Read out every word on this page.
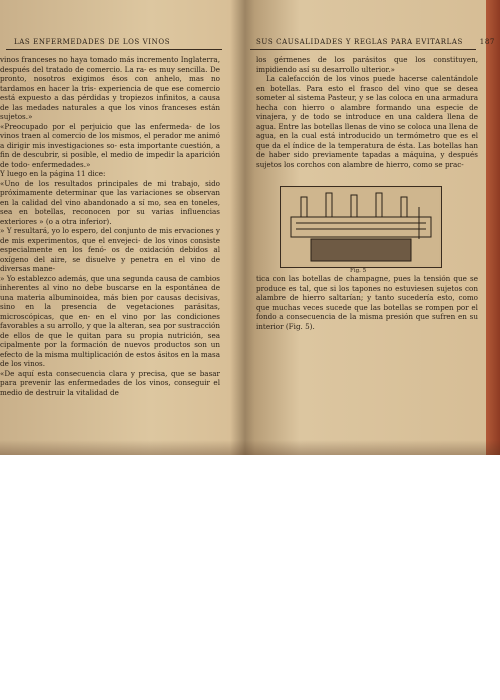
LAS ENFERMEDADES DE LOS VINOS

vinos franceses no haya tomado más incremento Inglaterra, después del tratado de comercio. La ra- es muy sencilla. De pronto, nosotros exigimos ésos con anhelo, mas no tardamos en hacer la tris- experiencia de que ese comercio está expuesto a das pérdidas y tropiezos infinitos, a causa de las medades naturales a que los vinos franceses están sujetos.»

«Preocupado por el perjuicio que las enfermeda- de los vinos traen al comercio de los mismos, el perador me animó a dirigir mis investigaciones so- esta importante cuestión, a fin de descubrir, si posible, el medio de impedir la aparición de todo- enfermedades.»

Y luego en la página 11 dice:

«Uno de los resultados principales de mi trabajo, sido próximamente determinar que las variaciones se observan en la calidad del vino abandonado a sí mo, sea en toneles, sea en botellas, reconocen por su varias influencias exteriores » (o a otra inferior).

» Y resultará, yo lo espero, del conjunto de mis ervaciones y de mis experimentos, que el envejeci- de los vinos consiste especialmente en los fenó- os de oxidación debidos al oxígeno del aire, se disuelve y penetra en el vino de diversas mane-

» Yo establezco además, que una segunda causa de cambios inherentes al vino no debe buscarse en la espontánea de una materia albuminoidea, más bien por causas decisivas, sino en la presencia de vegetaciones parásitas, microscópicas, que en- en el vino por las condiciones favorables a su arrollo, y que la alteran, sea por sustracción de ellos de que le quitan para su propia nutrición, sea cipalmente por la formación de nuevos productos son un efecto de la misma multiplicación de estos ásitos en la masa de los vinos.

«De aquí esta consecuencia clara y precisa, que se basar para prevenir las enfermedades de los vinos, conseguir el medio de destruir la vitalidad de

SUS CAUSALIDADES Y REGLAS PARA EVITARLAS 187

los gérmenes de los parásitos que los constituyen, impidiendo así su desarrollo ulterior.»

La calefacción de los vinos puede hacerse calentándole en botellas. Para esto el frasco del vino que se desea someter al sistema Pasteur, y se las coloca en una armadura hecha con hierro o alambre formando una especie de vinajera, y de todo se introduce en una caldera llena de agua. Entre las botellas llenas de vino se coloca una llena de agua, en la cual está introducido un termómetro que es el que da el índice de la temperatura de ésta. Las botellas han de haber sido previamente tapadas a máquina, y después sujetos los corchos con alambre de hierro, como se prac-

Fig. 5
tica con las botellas de champagne, pues la tensión que se produce es tal, que si los tapones no estuviesen sujetos con alambre de hierro saltarían; y tanto sucedería esto, como que muchas veces sucede que las botellas se rompen por el fondo a consecuencia de la misma presión que sufren en su interior (Fig. 5).
